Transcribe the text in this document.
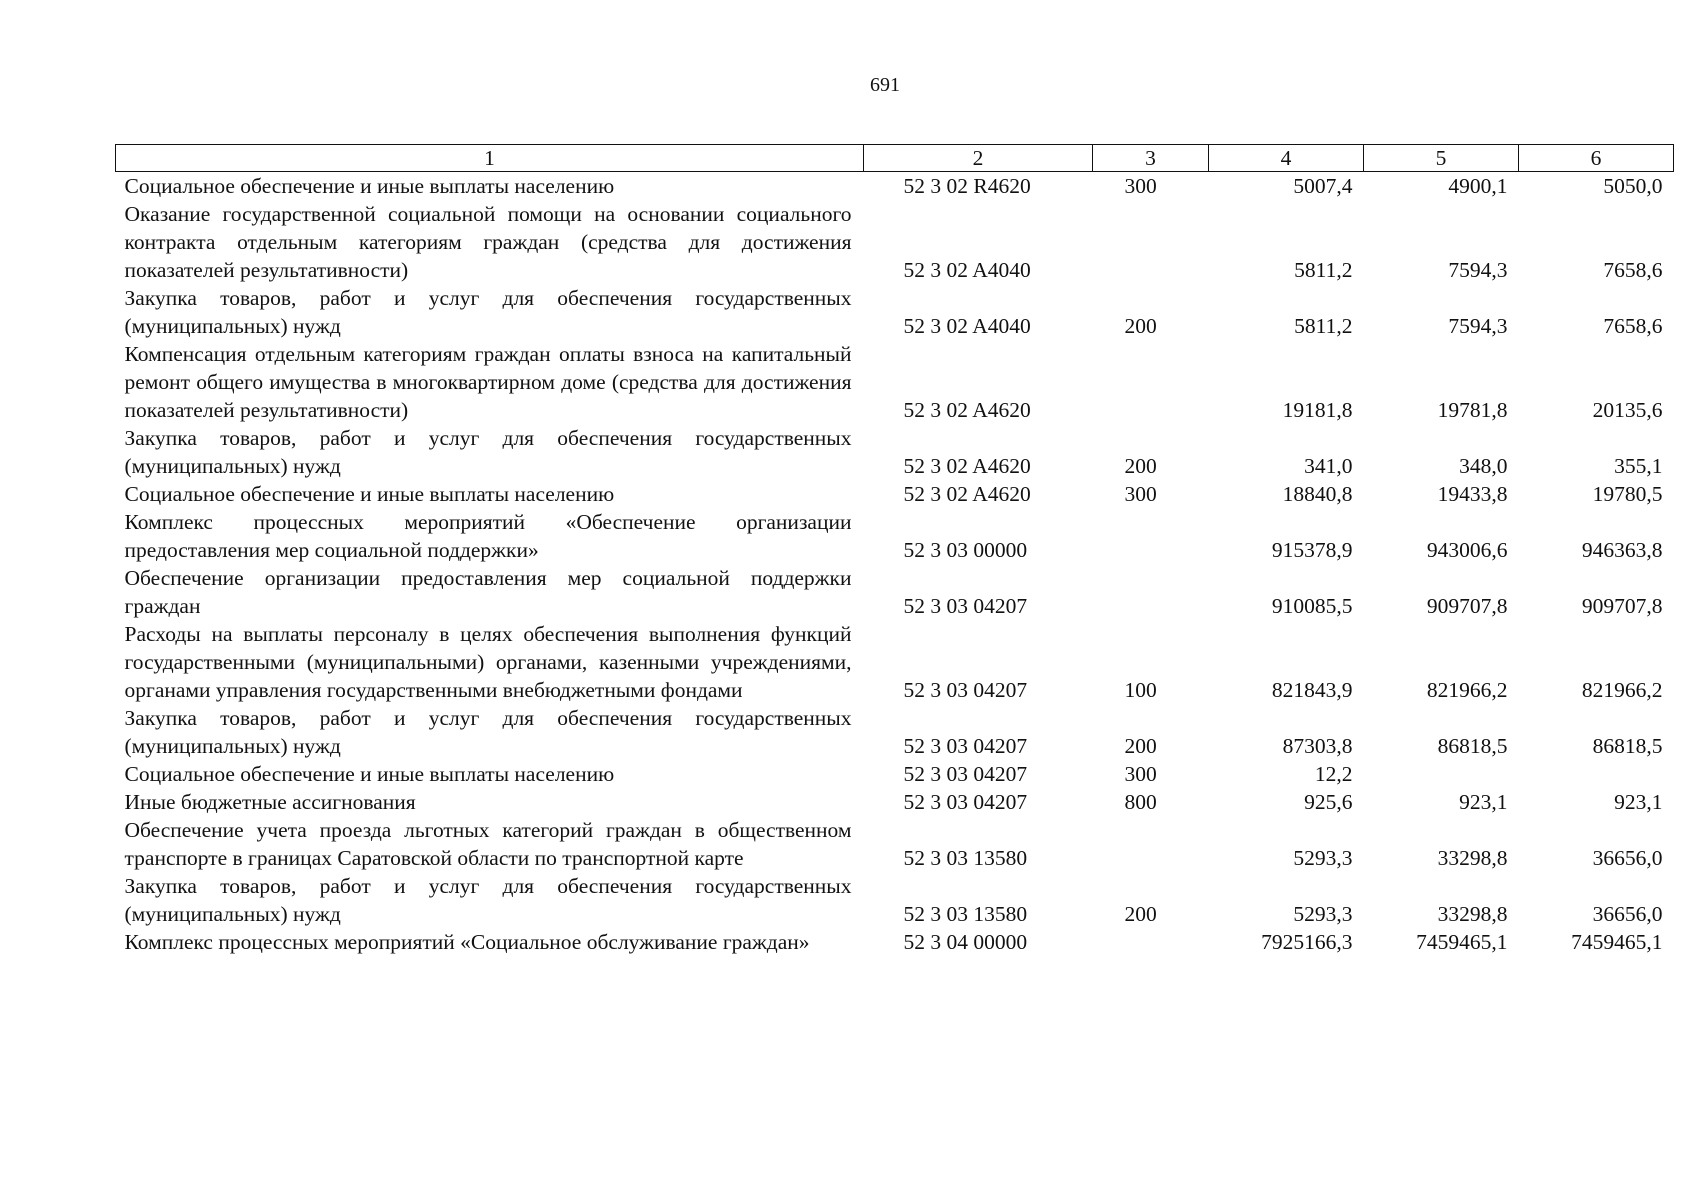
691
1	2	3	4	5	6
Социальное обеспечение и иные выплаты населению	52 3 02 R4620	300	5007,4	4900,1	5050,0
Оказание государственной социальной помощи на основании социального контракта отдельным категориям граждан (средства для достижения показателей результативности)	52 3 02 A4040		5811,2	7594,3	7658,6
Закупка товаров, работ и услуг для обеспечения государственных (муниципальных) нужд	52 3 02 A4040	200	5811,2	7594,3	7658,6
Компенсация отдельным категориям граждан оплаты взноса на капитальный ремонт общего имущества в многоквартирном доме (средства для достижения показателей результативности)	52 3 02 A4620		19181,8	19781,8	20135,6
Закупка товаров, работ и услуг для обеспечения государственных (муниципальных) нужд	52 3 02 A4620	200	341,0	348,0	355,1
Социальное обеспечение и иные выплаты населению	52 3 02 A4620	300	18840,8	19433,8	19780,5
Комплекс процессных мероприятий «Обеспечение организации предоставления мер социальной поддержки»	52 3 03 00000		915378,9	943006,6	946363,8
Обеспечение организации предоставления мер социальной поддержки граждан	52 3 03 04207		910085,5	909707,8	909707,8
Расходы на выплаты персоналу в целях обеспечения выполнения функций государственными (муниципальными) органами, казенными учреждениями, органами управления государственными внебюджетными фондами	52 3 03 04207	100	821843,9	821966,2	821966,2
Закупка товаров, работ и услуг для обеспечения государственных (муниципальных) нужд	52 3 03 04207	200	87303,8	86818,5	86818,5
Социальное обеспечение и иные выплаты населению	52 3 03 04207	300	12,2		
Иные бюджетные ассигнования	52 3 03 04207	800	925,6	923,1	923,1
Обеспечение учета проезда льготных категорий граждан в общественном транспорте в границах Саратовской области по транспортной карте	52 3 03 13580		5293,3	33298,8	36656,0
Закупка товаров, работ и услуг для обеспечения государственных (муниципальных) нужд	52 3 03 13580	200	5293,3	33298,8	36656,0
Комплекс процессных мероприятий «Социальное обслуживание граждан»	52 3 04 00000		7925166,3	7459465,1	7459465,1
